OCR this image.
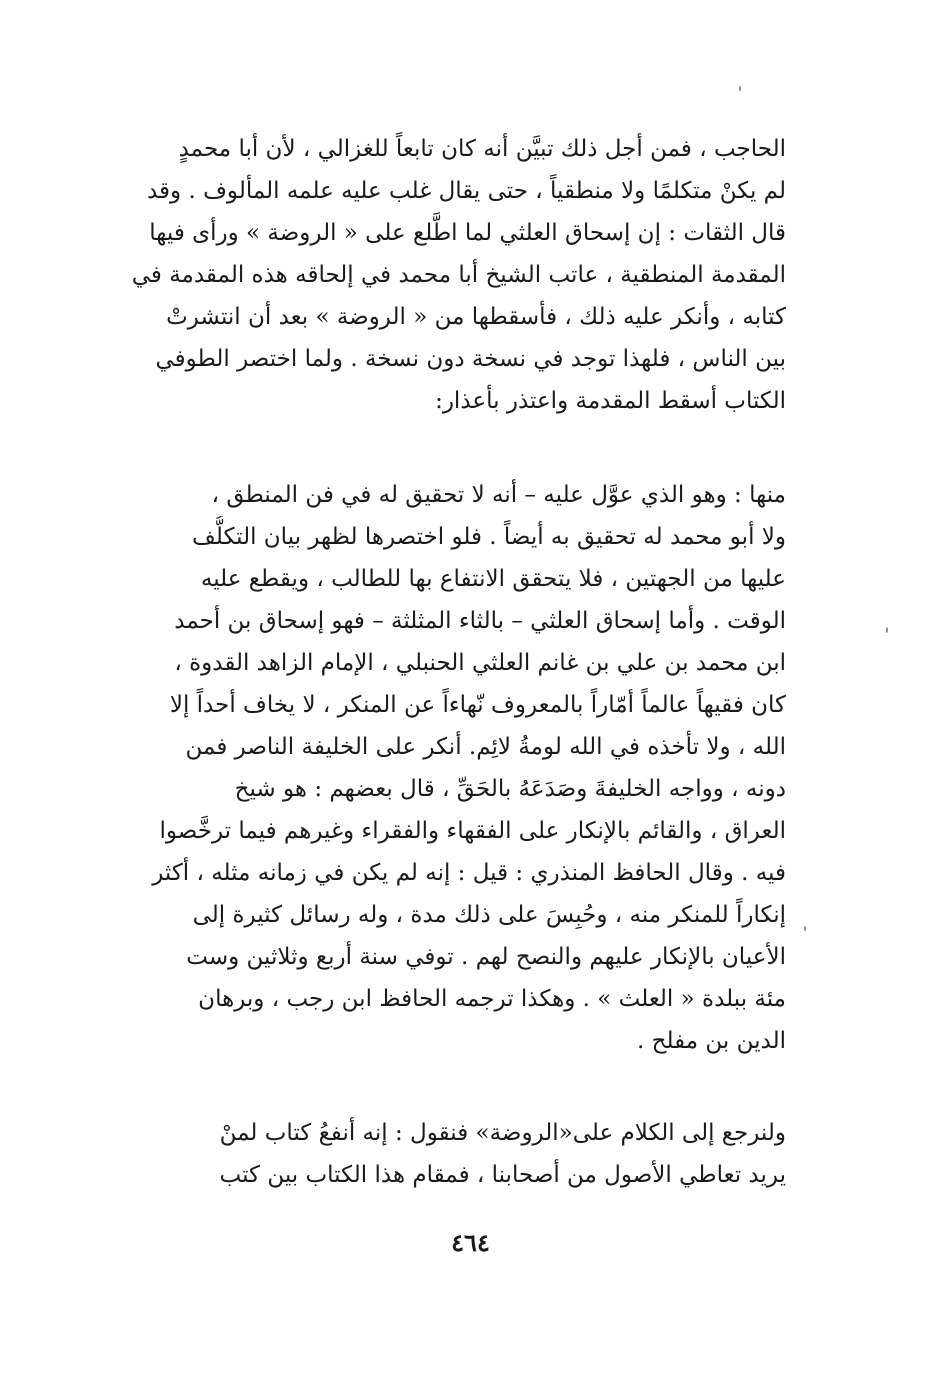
الحاجب ، فمن أجل ذلك تبيَّن أنه كان تابعاً للغزالي ، لأن أبا محمدٍ
لم يكنْ متكلمًا ولا منطقياً ، حتى يقال غلب عليه علمه المألوف . وقد
قال الثقات : إن إسحاق العلثي لما اطَّلع على « الروضة » ورأى فيها
المقدمة المنطقية ، عاتب الشيخ أبا محمد في إلحاقه هذه المقدمة في
كتابه ، وأنكر عليه ذلك ، فأسقطها من « الروضة » بعد أن انتشرتْ
بين الناس ، فلهذا توجد في نسخة دون نسخة . ولما اختصر الطوفي
الكتاب أسقط المقدمة واعتذر بأعذار:
منها : وهو الذي عوَّل عليه – أنه لا تحقيق له في فن المنطق ،
ولا أبو محمد له تحقيق به أيضاً . فلو اختصرها لظهر بيان التكلُّف
عليها من الجهتين ، فلا يتحقق الانتفاع بها للطالب ، ويقطع عليه
الوقت . وأما إسحاق العلثي – بالثاء المثلثة – فهو إسحاق بن أحمد
ابن محمد بن علي بن غانم العلثي الحنبلي ، الإمام الزاهد القدوة ،
كان فقيهاً عالماً أمّاراً بالمعروف نّهاءاً عن المنكر ، لا يخاف أحداً إلا
الله ، ولا تأخذه في الله لومةُ لائِم. أنكر على الخليفة الناصر فمن
دونه ، وواجه الخليفةَ وصَدَعَهُ بالحَقِّ ، قال بعضهم : هو شيخ
العراق ، والقائم بالإنكار على الفقهاء والفقراء وغيرهم فيما ترخَّصوا
فيه . وقال الحافظ المنذري : قيل : إنه لم يكن في زمانه مثله ، أكثر
إنكاراً للمنكر منه ، وحُبِسَ على ذلك مدة ، وله رسائل كثيرة إلى
الأعيان بالإنكار عليهم والنصح لهم . توفي سنة أربع وثلاثين وست
مئة ببلدة « العلث » . وهكذا ترجمه الحافظ ابن رجب ، وبرهان
الدين بن مفلح .
ولنرجع إلى الكلام على«الروضة» فنقول : إنه أنفعُ كتاب لمنْ
يريد تعاطي الأصول من أصحابنا ، فمقام هذا الكتاب بين كتب
٤٦٤
